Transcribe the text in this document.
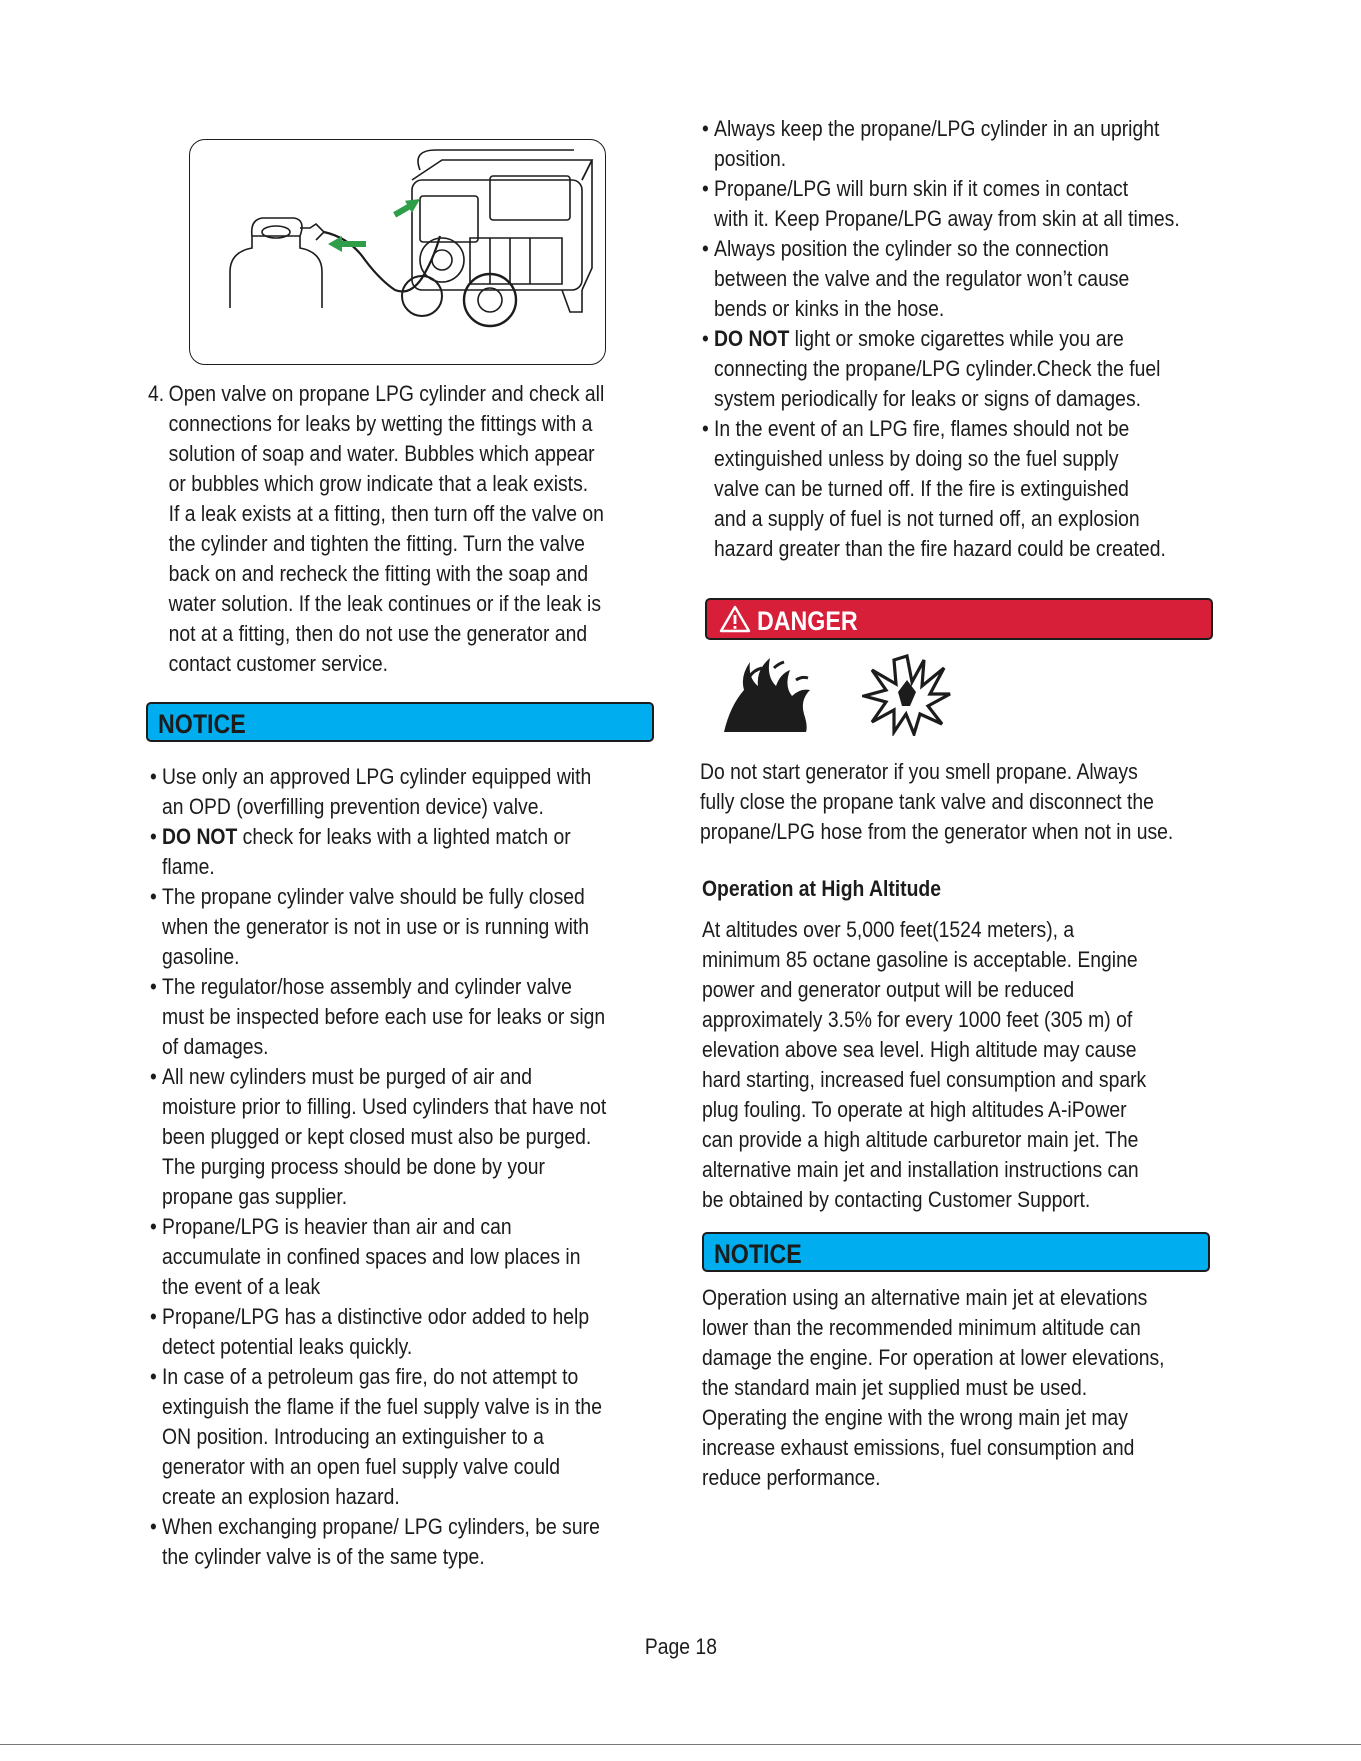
4. Open valve on propane LPG cylinder and check all
connections for leaks by wetting the fittings with a
solution of soap and water. Bubbles which appear
or bubbles which grow indicate that a leak exists.
If a leak exists at a fitting, then turn off the valve on
the cylinder and tighten the fitting. Turn the valve
back on and recheck the fitting with the soap and
water solution. If the leak continues or if the leak is
not at a fitting, then do not use the generator and
contact customer service.
NOTICE
• Use only an approved LPG cylinder equipped with
an OPD (overfilling prevention device) valve.
• DO NOT check for leaks with a lighted match or
flame.
• The propane cylinder valve should be fully closed
when the generator is not in use or is running with
gasoline.
• The regulator/hose assembly and cylinder valve
must be inspected before each use for leaks or sign
of damages.
• All new cylinders must be purged of air and
moisture prior to filling. Used cylinders that have not
been plugged or kept closed must also be purged.
The purging process should be done by your
propane gas supplier.
• Propane/LPG is heavier than air and can
accumulate in confined spaces and low places in
the event of a leak
• Propane/LPG has a distinctive odor added to help
detect potential leaks quickly.
• In case of a petroleum gas fire, do not attempt to
extinguish the flame if the fuel supply valve is in the
ON position. Introducing an extinguisher to a
generator with an open fuel supply valve could
create an explosion hazard.
• When exchanging propane/ LPG cylinders, be sure
the cylinder valve is of the same type.
• Always keep the propane/LPG cylinder in an upright
position.
• Propane/LPG will burn skin if it comes in contact
with it. Keep Propane/LPG away from skin at all times.
• Always position the cylinder so the connection
between the valve and the regulator won’t cause
bends or kinks in the hose.
• DO NOT light or smoke cigarettes while you are
connecting the propane/LPG cylinder.Check the fuel
system periodically for leaks or signs of damages.
• In the event of an LPG fire, flames should not be
extinguished unless by doing so the fuel supply
valve can be turned off. If the fire is extinguished
and a supply of fuel is not turned off, an explosion
hazard greater than the fire hazard could be created.
DANGER
Do not start generator if you smell propane. Always
fully close the propane tank valve and disconnect the
propane/LPG hose from the generator when not in use.
Operation at High Altitude
At altitudes over 5,000 feet(1524 meters), a
minimum 85 octane gasoline is acceptable. Engine
power and generator output will be reduced
approximately 3.5% for every 1000 feet (305 m) of
elevation above sea level. High altitude may cause
hard starting, increased fuel consumption and spark
plug fouling. To operate at high altitudes A-iPower
can provide a high altitude carburetor main jet. The
alternative main jet and installation instructions can
be obtained by contacting Customer Support.
NOTICE
Operation using an alternative main jet at elevations
lower than the recommended minimum altitude can
damage the engine. For operation at lower elevations,
the standard main jet supplied must be used.
Operating the engine with the wrong main jet may
increase exhaust emissions, fuel consumption and
reduce performance.
Page 18
